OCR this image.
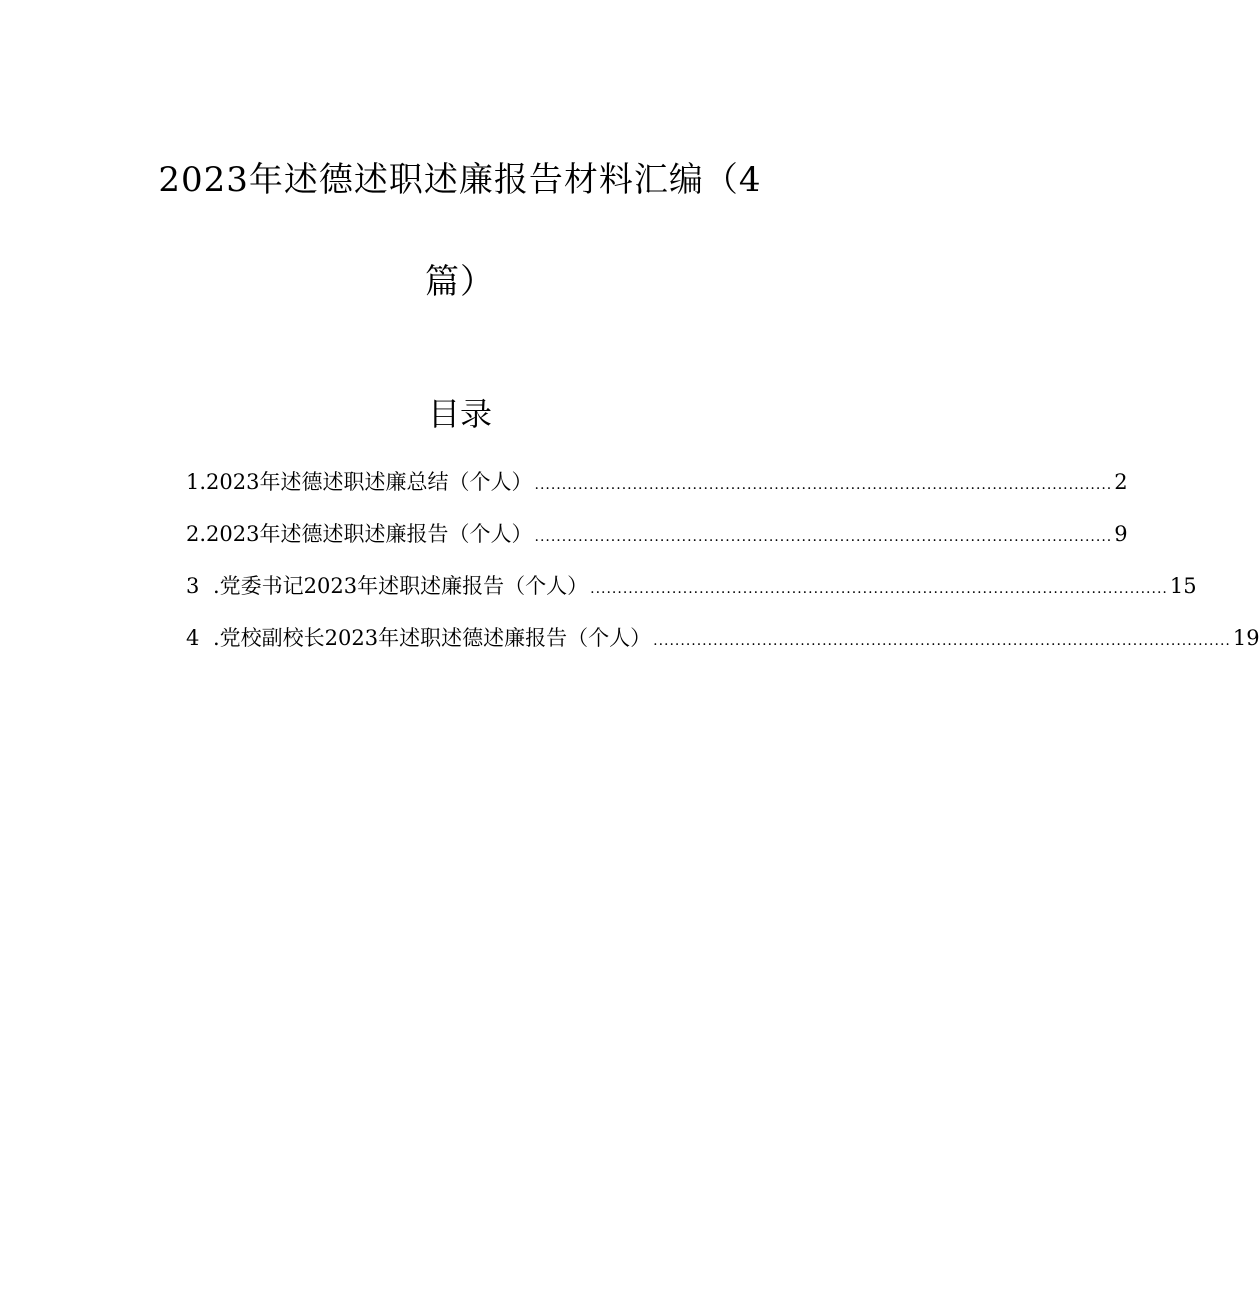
2023年述德述职述廉报告材料汇编（4
篇）
目录
1. 2023年述德述职述廉总结（个人） .......................................................................................................... 2
2. 2023年述德述职述廉报告（个人） .......................................................................................................... 9
3 .党委书记2023年述职述廉报告（个人） .......................................................................................................... 15
4 .党校副校长2023年述职述德述廉报告（个人） .......................................................................................................... 19
